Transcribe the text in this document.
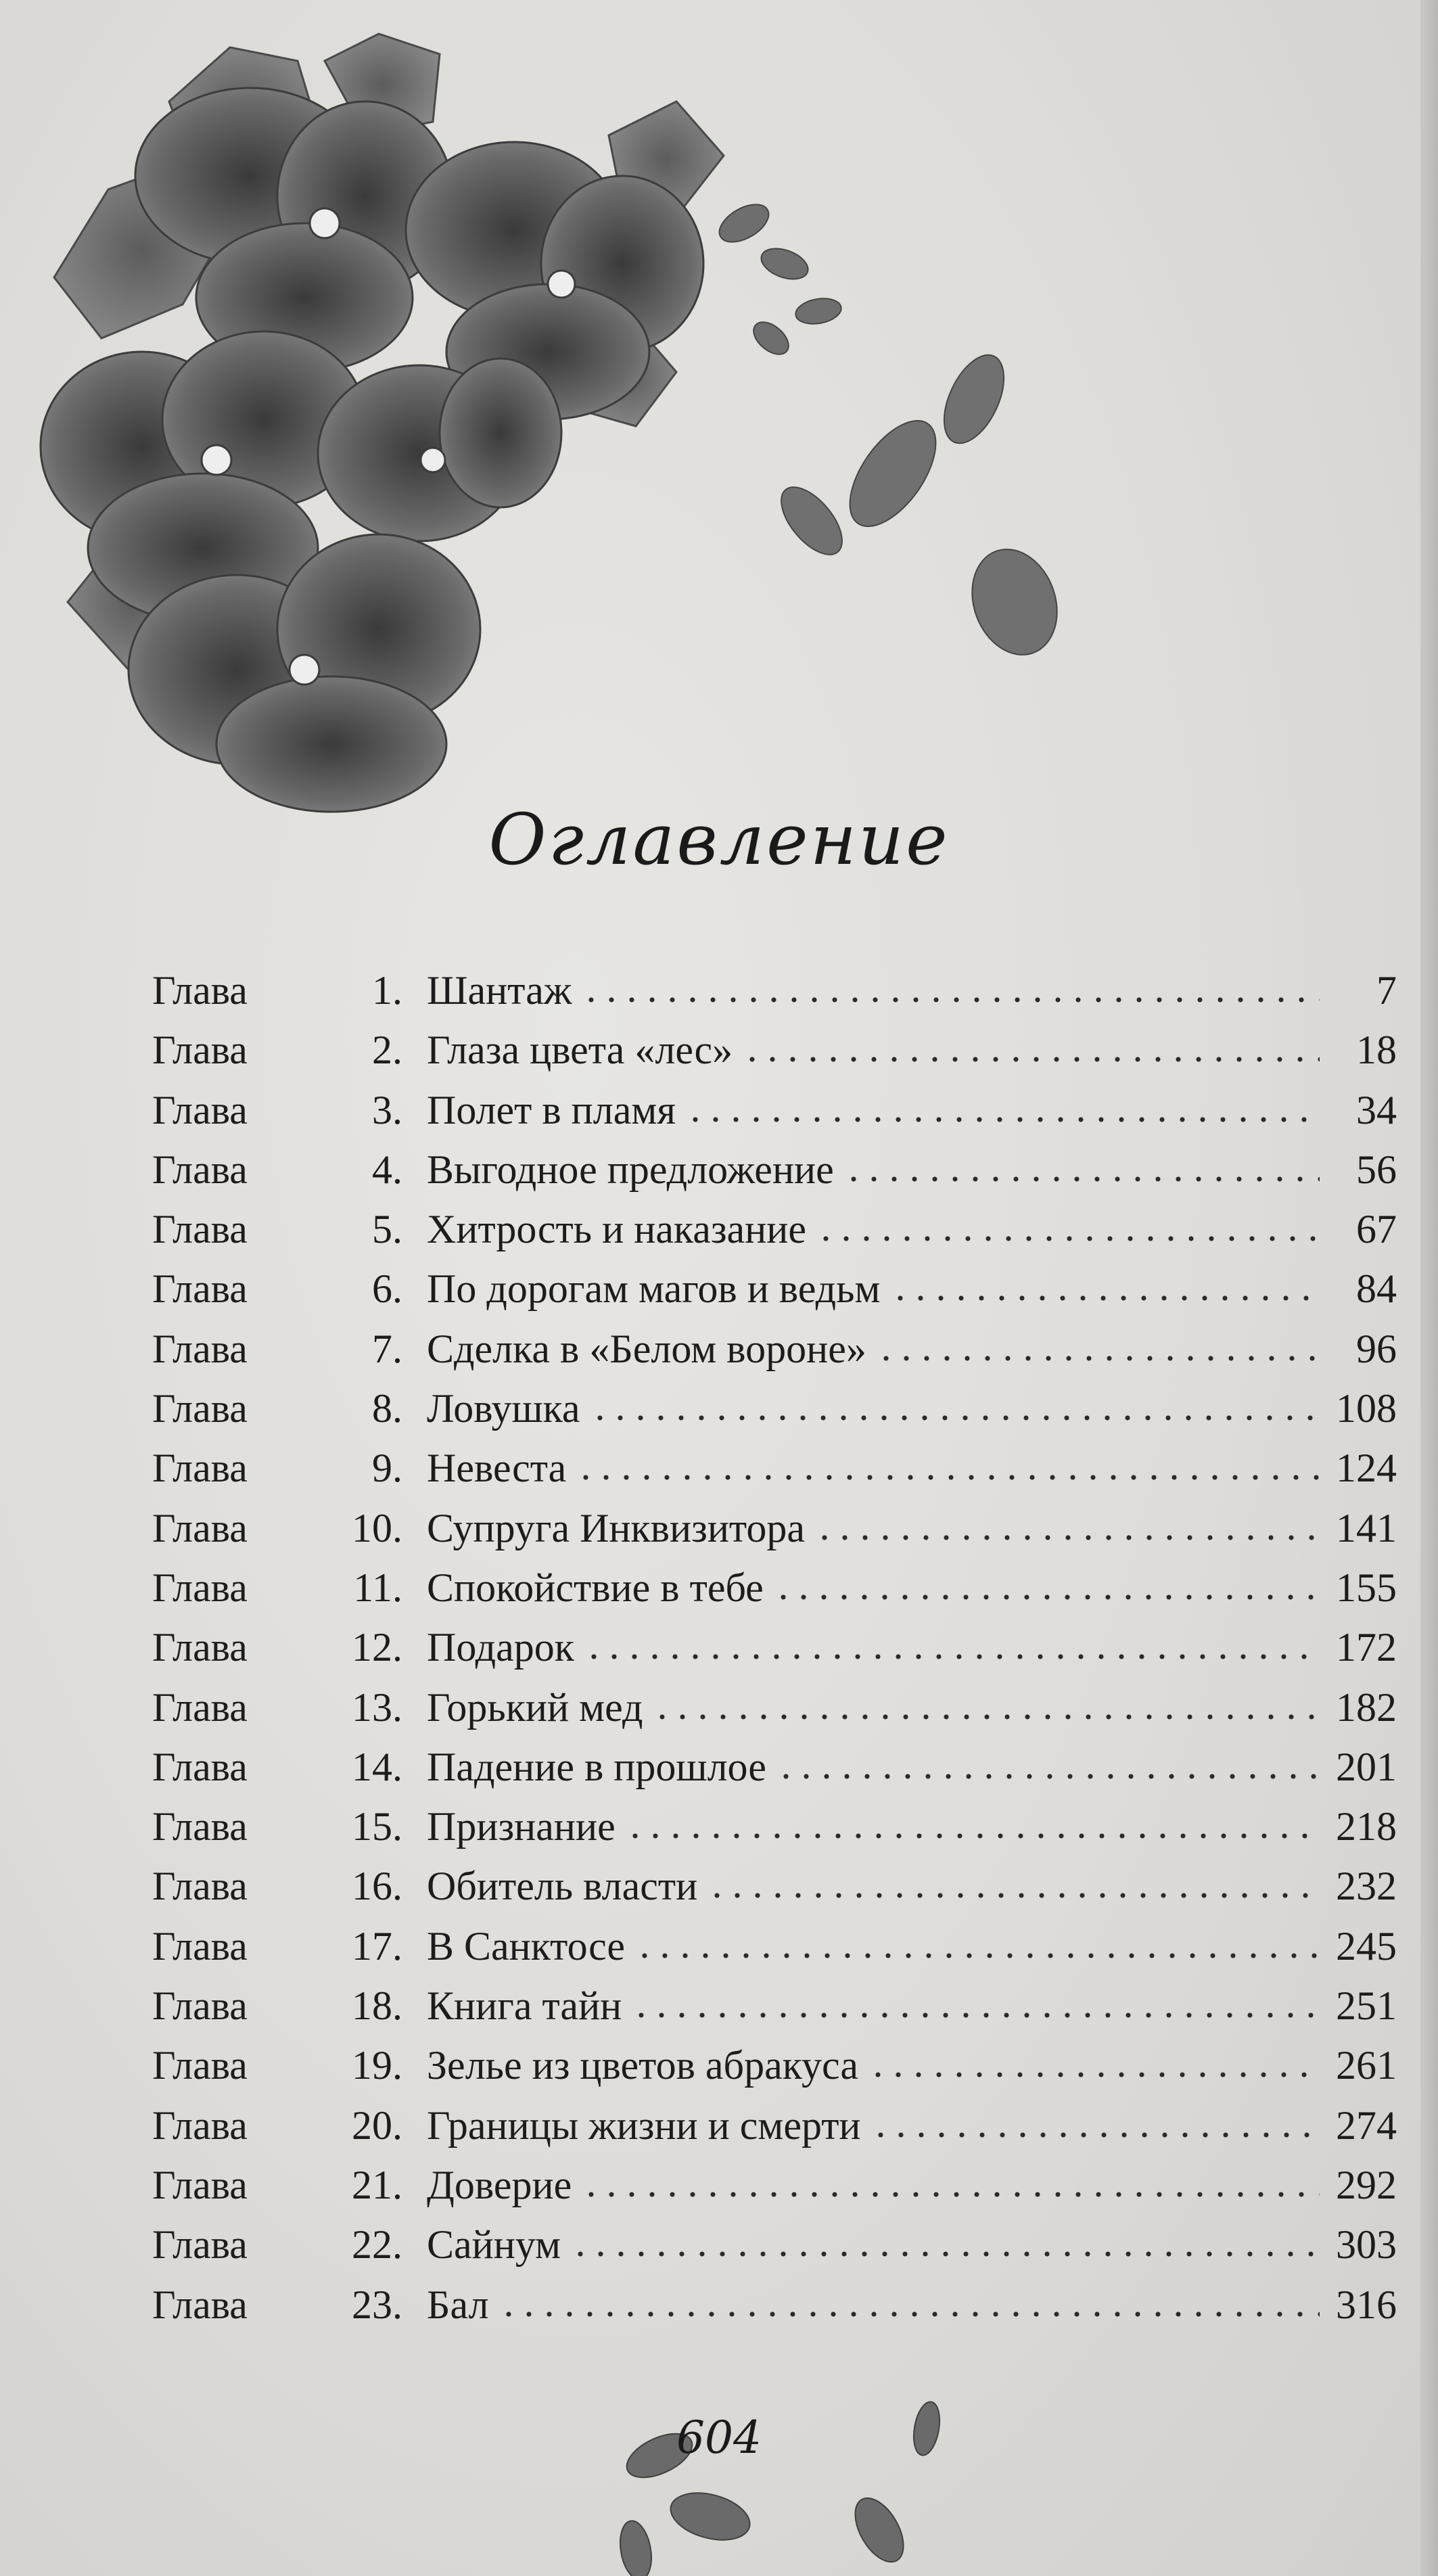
Оглавление
Глава	1. Шантаж	7
Глава	2. Глаза цвета «лес»	18
Глава	3. Полет в пламя	34
Глава	4. Выгодное предложение	56
Глава	5. Хитрость и наказание	67
Глава	6. По дорогам магов и ведьм	84
Глава	7. Сделка в «Белом вороне»	96
Глава	8. Ловушка	108
Глава	9. Невеста	124
Глава	10. Супруга Инквизитора	141
Глава	11. Спокойствие в тебе	155
Глава	12. Подарок	172
Глава	13. Горький мед	182
Глава	14. Падение в прошлое	201
Глава	15. Признание	218
Глава	16. Обитель власти	232
Глава	17. В Санктосе	245
Глава	18. Книга тайн	251
Глава	19. Зелье из цветов абракуса	261
Глава	20. Границы жизни и смерти	274
Глава	21. Доверие	292
Глава	22. Сайнум	303
Глава	23. Бал	316
604
